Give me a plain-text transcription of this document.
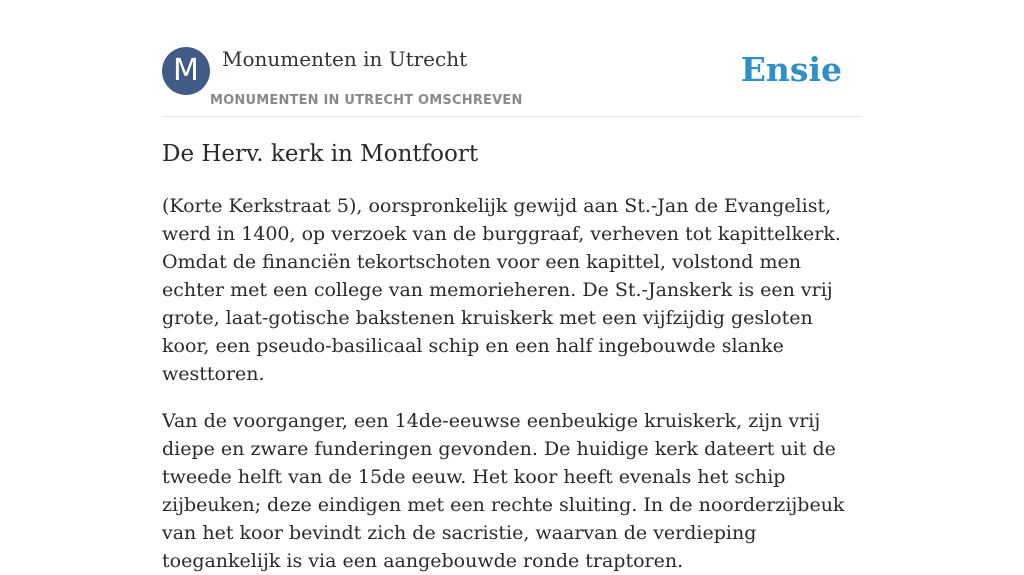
M	Monumenten in Utrecht
MONUMENTEN IN UTRECHT OMSCHREVEN
Ensie
De Herv. kerk in Montfoort

(Korte Kerkstraat 5), oorspronkelijk gewijd aan St.-Jan de Evangelist, werd in 1400, op verzoek van de burggraaf, verheven tot kapittelkerk. Omdat de financiën tekortschoten voor een kapittel, volstond men echter met een college van memorieheren. De St.-Janskerk is een vrij grote, laat-gotische bakstenen kruiskerk met een vijfzijdig gesloten koor, een pseudo-basilicaal schip en een half ingebouwde slanke westtoren.

Van de voorganger, een 14de-eeuwse eenbeukige kruiskerk, zijn vrij diepe en zware funderingen gevonden. De huidige kerk dateert uit de tweede helft van de 15de eeuw. Het koor heeft evenals het schip zijbeuken; deze eindigen met een rechte sluiting. In de noorderzijbeuk van het koor bevindt zich de sacristie, waarvan de verdieping toegankelijk is via een aangebouwde ronde traptoren.
